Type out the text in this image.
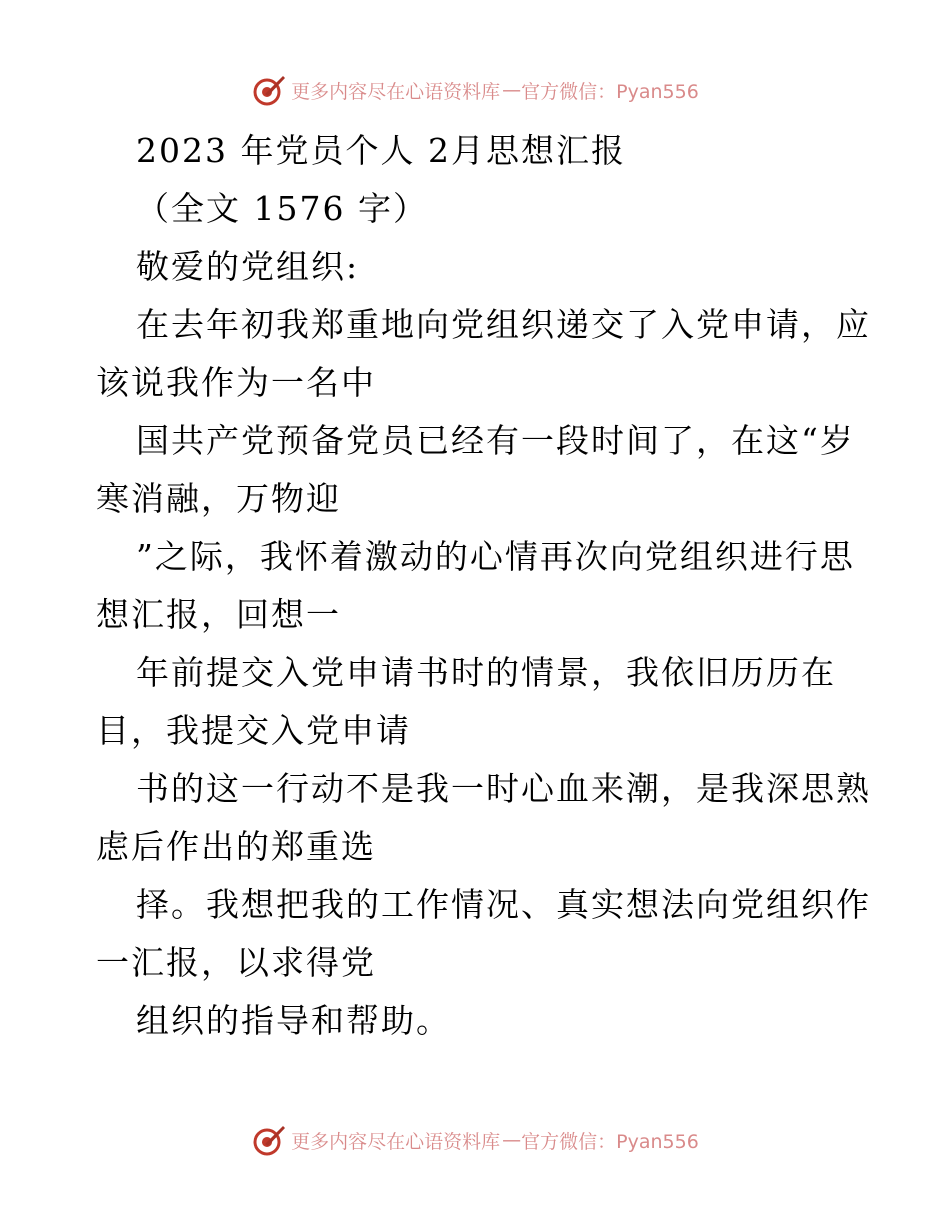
更多内容尽在心语资料库 — 官方微信：Pyan556
2023 年党员个人 2月思想汇报
（全文 1576 字）
敬爱的党组织:
在去年初我郑重地向党组织递交了入党申请，应
该说我作为一名中
国共产党预备党员已经有一段时间了，在这“岁
寒消融，万物迎
”之际，我怀着激动的心情再次向党组织进行思
想汇报，回想一
年前提交入党申请书时的情景，我依旧历历在
目，我提交入党申请
书的这一行动不是我一时心血来潮，是我深思熟
虑后作出的郑重选
择。我想把我的工作情况、真实想法向党组织作
一汇报，以求得党
组织的指导和帮助。
更多内容尽在心语资料库 — 官方微信：Pyan556
